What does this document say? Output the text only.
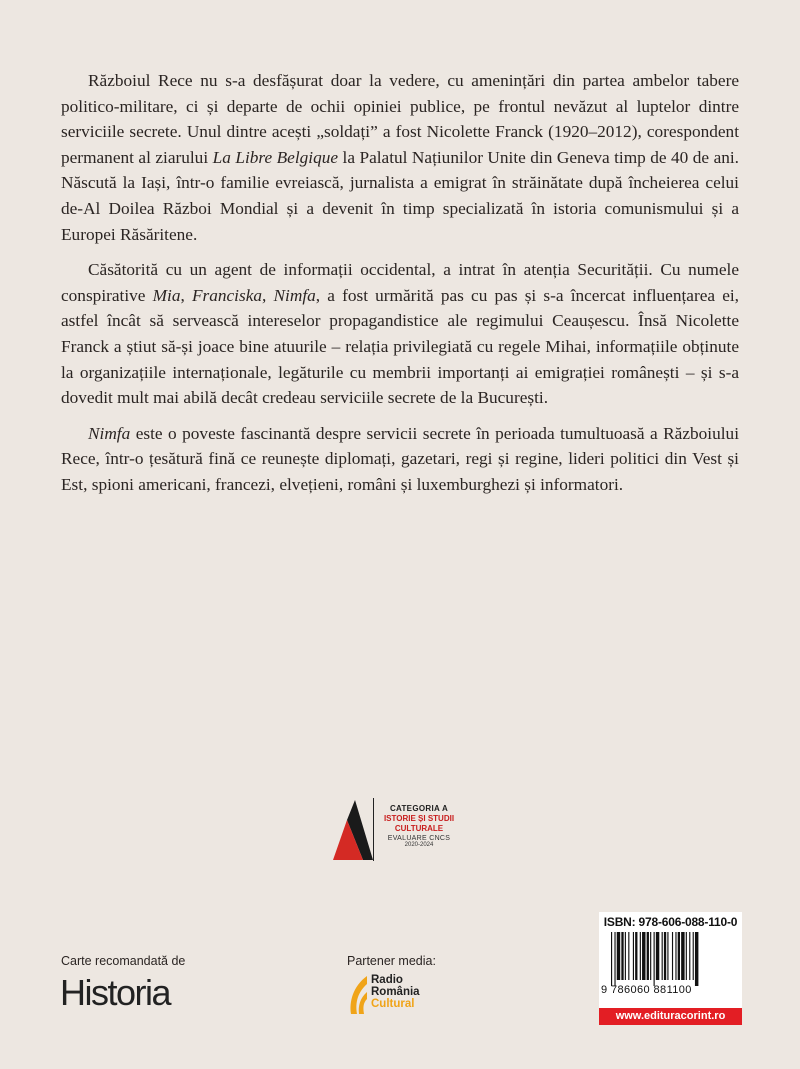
Războiul Rece nu s-a desfășurat doar la vedere, cu amenințări din partea ambelor tabere politico-militare, ci și departe de ochii opiniei publice, pe frontul nevăzut al luptelor dintre serviciile secrete. Unul dintre acești „soldați” a fost Nicolette Franck (1920–2012), corespondent permanent al ziarului La Libre Belgique la Palatul Națiunilor Unite din Geneva timp de 40 de ani. Născută la Iași, într-o familie evreiască, jurnalista a emigrat în străinătate după încheierea celui de-Al Doilea Război Mondial și a devenit în timp specializată în istoria comunismului și a Europei Răsăritene.

Căsătorită cu un agent de informații occidental, a intrat în atenția Securității. Cu numele conspirative Mia, Franciska, Nimfa, a fost urmărită pas cu pas și s-a încercat influențarea ei, astfel încât să servească intereselor propagandistice ale regimului Ceaușescu. Însă Nicolette Franck a știut să-și joace bine atuurile – relația privilegiată cu regele Mihai, informațiile obținute la organizațiile internaționale, legăturile cu membrii importanți ai emigrației românești – și s-a dovedit mult mai abilă decât credeau serviciile secrete de la București.

Nimfa este o poveste fascinantă despre servicii secrete în perioada tumultuoasă a Războiului Rece, într-o țesătură fină ce reunește diplomați, gazetari, regi și regine, lideri politici din Vest și Est, spioni americani, francezi, elvețieni, români și luxemburghezi și informatori.

CATEGORIA A
ISTORIE ȘI STUDII
CULTURALE
EVALUARE CNCS
2020-2024
Carte recomandată de
Historia
Partener media:
Radio
România
Cultural
ISBN: 978-606-088-110-0
9 786060 881100
www.edituracorint.ro
